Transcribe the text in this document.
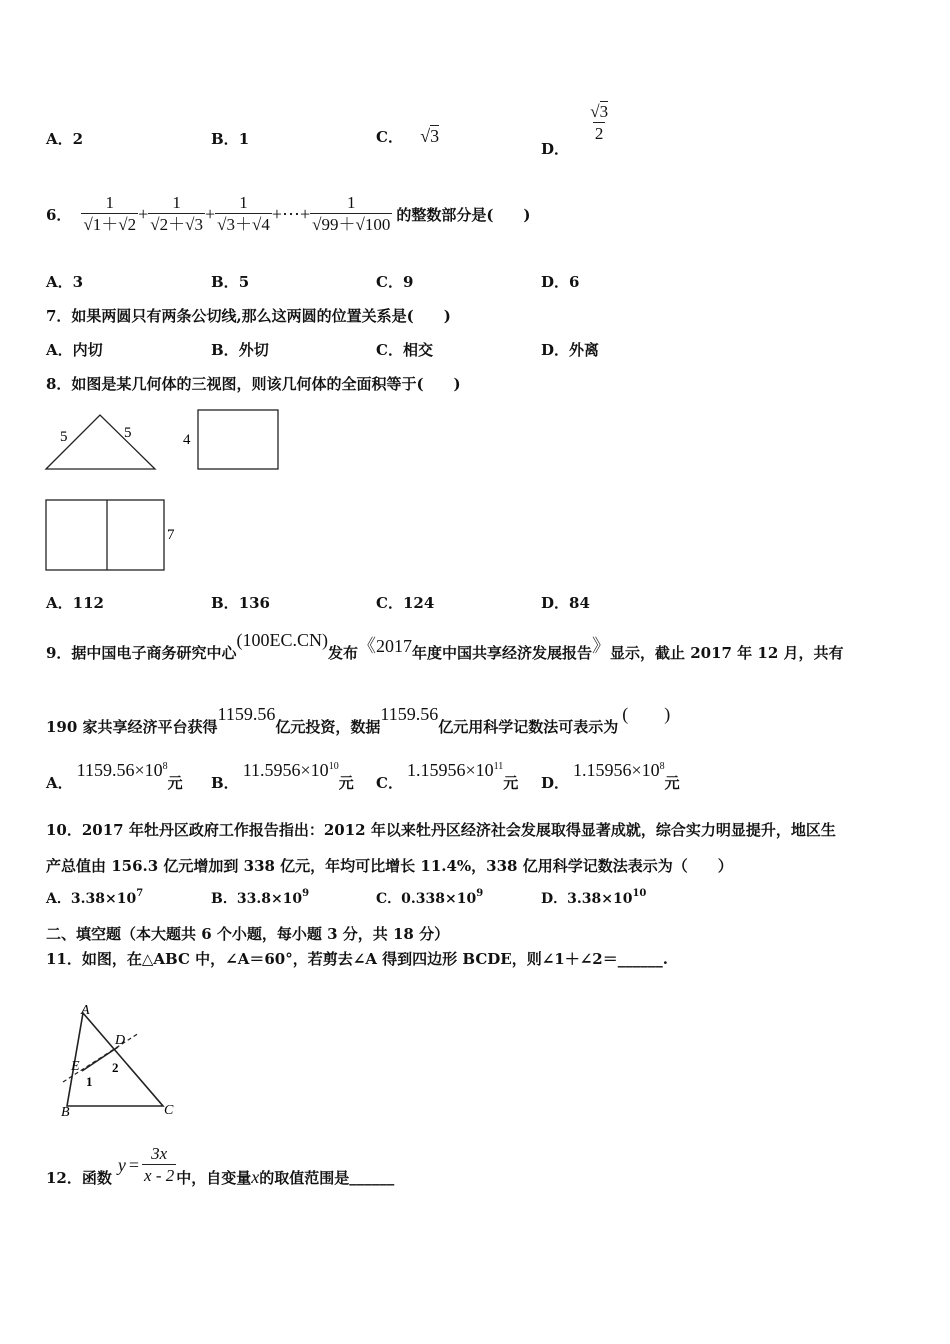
A．2	B．1	C． √3
D．
$\frac{√3}{2}$
6． $\frac{1}{√1+√2} + \frac{1}{√2+√3} + \frac{1}{√3+√4}$ +⋯+ $\frac{1}{√99+√100}$ 的整数部分是(　　)
A．3	B．5	C．9	D．6
7．如果两圆只有两条公切线,那么这两圆的位置关系是(　　)
A．内切	B．外切	C．相交	D．外离
8．如图是某几何体的三视图，则该几何体的全面积等于(　　)
5	5	4
7
A．112	B．136	C．124	D．84
9．据中国电子商务研究中心(100EC.CN)发布《2017年度中国共享经济发展报告》显示，截止 2017 年 12 月，共有
190 家共享经济平台获得1159.56亿元投资，数据1159.56亿元用科学记数法可表示为(　　)
A．$1159.56\times 10^8$元 B．$11.5956\times 10^{10}$元 C．$1.15956\times 10^{11}$元 D．$1.15956\times 10^8$元
10．2017 年牡丹区政府工作报告指出：2012 年以来牡丹区经济社会发展取得显著成就，综合实力明显提升，地区生
产总值由 156.3 亿元增加到 338 亿元，年均可比增长 11.4%，338 亿用科学记数法表示为（　　）
A．$3.38\times 10^7$	B．$33.8\times 10^9$	C．$0.338\times 10^9$	D．$3.38\times 10^{10}$
二、填空题（本大题共 6 个小题，每小题 3 分，共 18 分）
11．如图，在△ABC 中，∠A＝60°，若剪去∠A 得到四边形 BCDE，则∠1＋∠2＝______.
A
B	C
D
E
1
2
12．函数
$y = \frac{3x}{x - 2}$ 中，自变量 x 的取值范围是 ______
